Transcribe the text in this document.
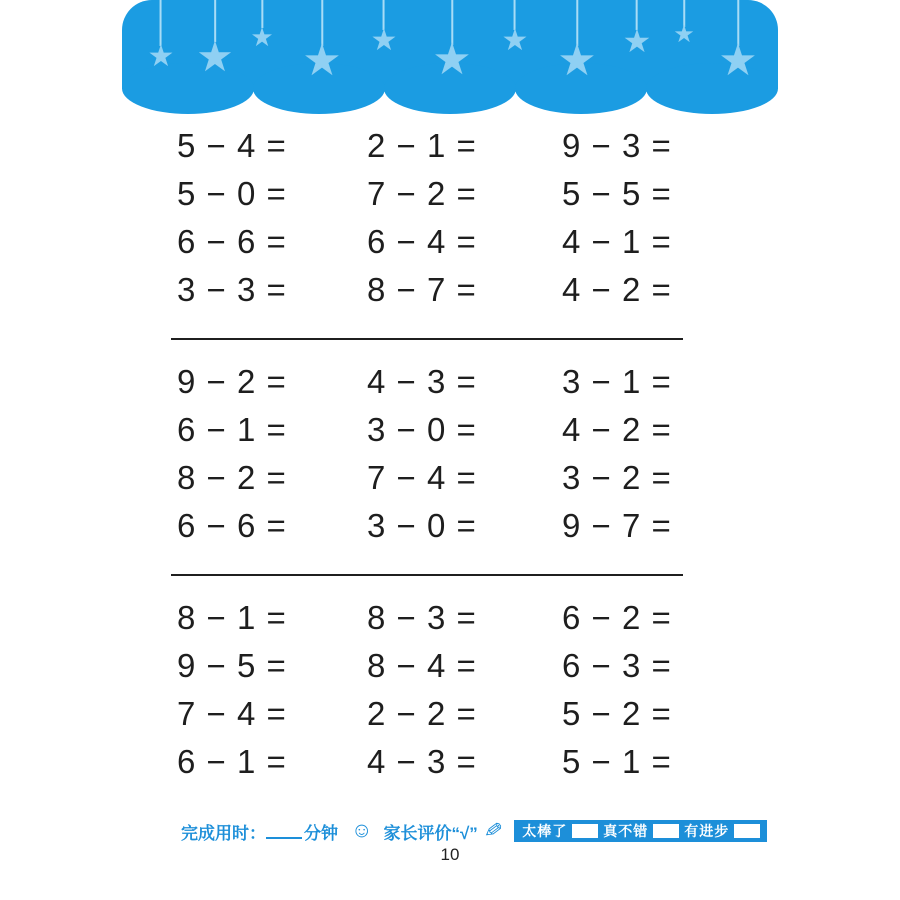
★ ★ ★ ★ ★ ★ ★ ★ ★ ★
★
5 − 4 =	2 − 1 =	9 − 3 =
5 − 0 =	7 − 2 =	5 − 5 =
6 − 6 =	6 − 4 =	4 − 1 =
3 − 3 =	8 − 7 =	4 − 2 =
9 − 2 =	4 − 3 =	3 − 1 =
6 − 1 =	3 − 0 =	4 − 2 =
8 − 2 =	7 − 4 =	3 − 2 =
6 − 6 =	3 − 0 =	9 − 7 =
8 − 1 =	8 − 3 =	6 − 2 =
9 − 5 =	8 − 4 =	6 − 3 =
7 − 4 =	2 − 2 =	5 − 2 =
6 − 1 =	4 − 3 =	5 − 1 =
完成用时： 分钟 ☺ 家长评价“√” ✎ 太棒了	真不错	有进步
10
